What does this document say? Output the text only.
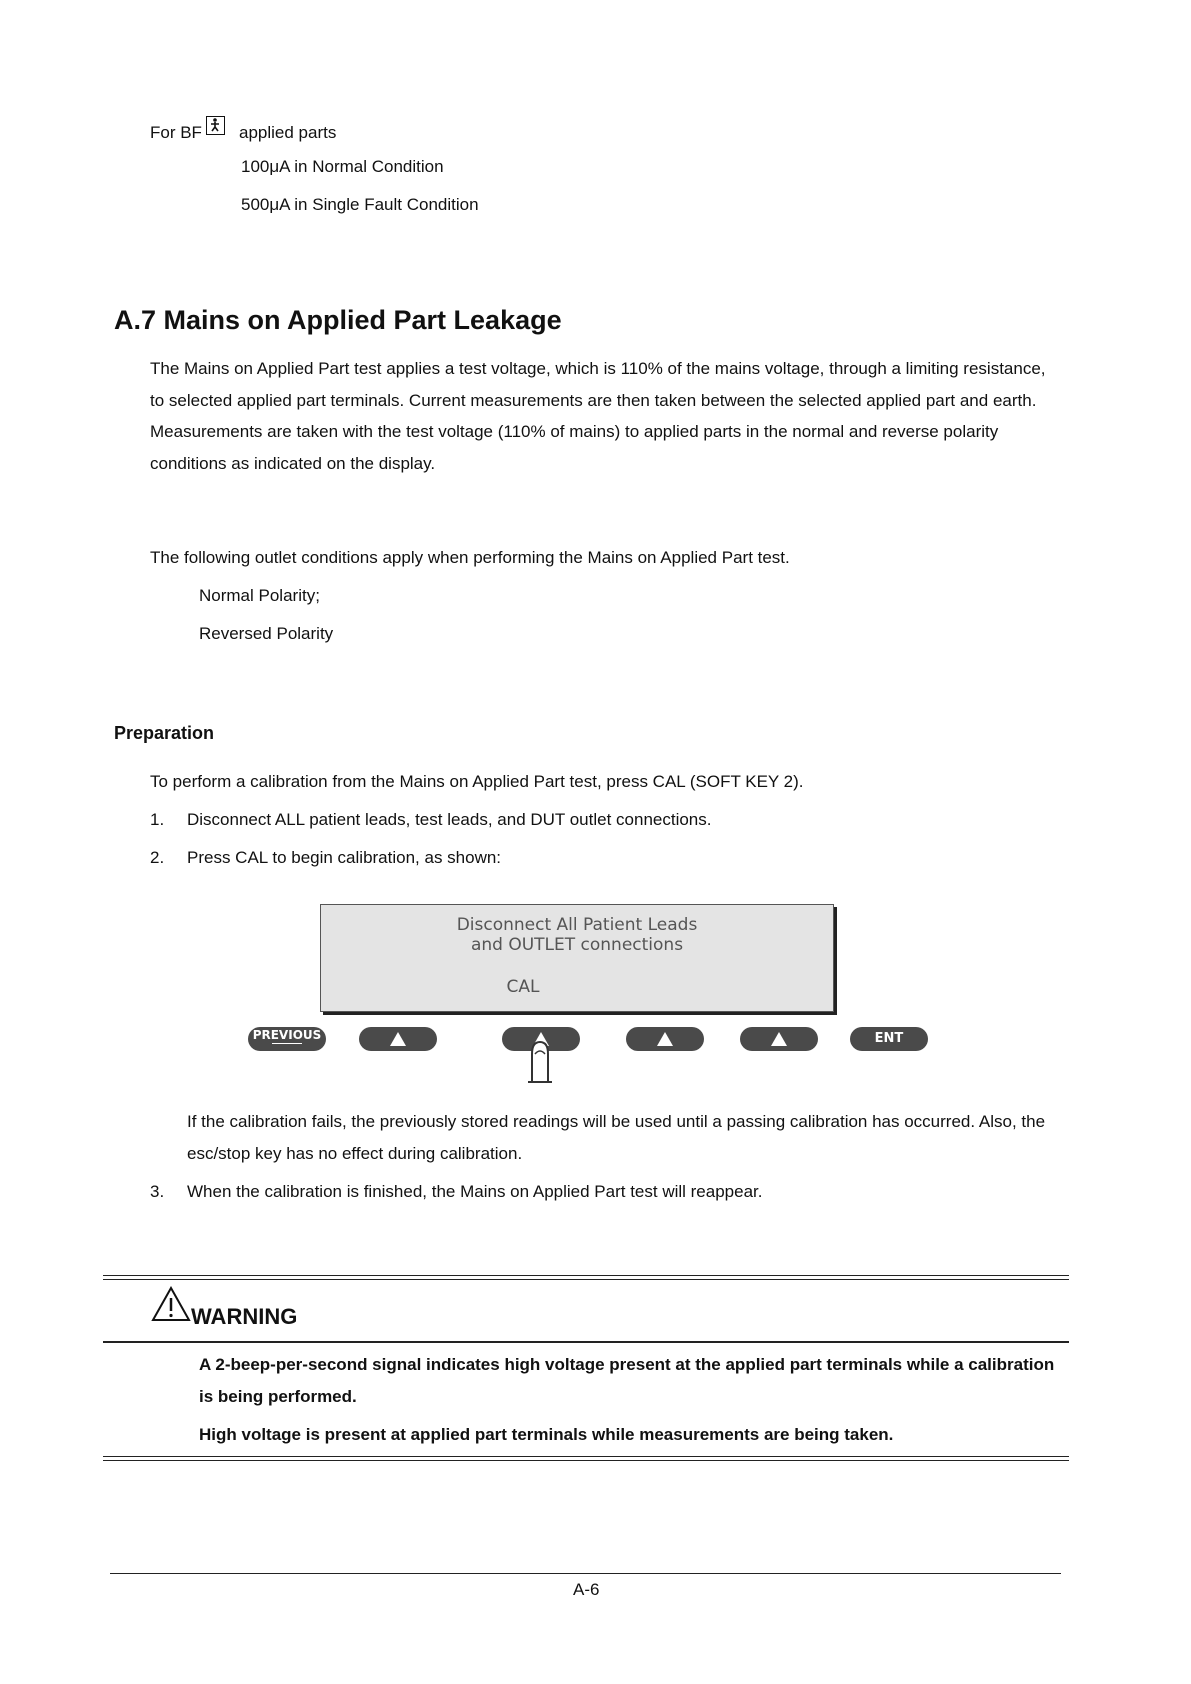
For BF applied parts
100μA in Normal Condition
500μA in Single Fault Condition
A.7 Mains on Applied Part Leakage
The Mains on Applied Part test applies a test voltage, which is 110% of the mains voltage, through a limiting resistance,
to selected applied part terminals. Current measurements are then taken between the selected applied part and earth.
Measurements are taken with the test voltage (110% of mains) to applied parts in the normal and reverse polarity
conditions as indicated on the display.
The following outlet conditions apply when performing the Mains on Applied Part test.
Normal Polarity;
Reversed Polarity
Preparation
To perform a calibration from the Mains on Applied Part test, press CAL (SOFT KEY 2).
1.	Disconnect ALL patient leads, test leads, and DUT outlet connections.
2.	Press CAL to begin calibration, as shown:
Disconnect All Patient Leads
and OUTLET connections
CAL
PREVIOUS	ENT
If the calibration fails, the previously stored readings will be used until a passing calibration has occurred. Also, the
esc/stop key has no effect during calibration.
3.	When the calibration is finished, the Mains on Applied Part test will reappear.
WARNING
A 2-beep-per-second signal indicates high voltage present at the applied part terminals while a calibration
is being performed.
High voltage is present at applied part terminals while measurements are being taken.
A-6
